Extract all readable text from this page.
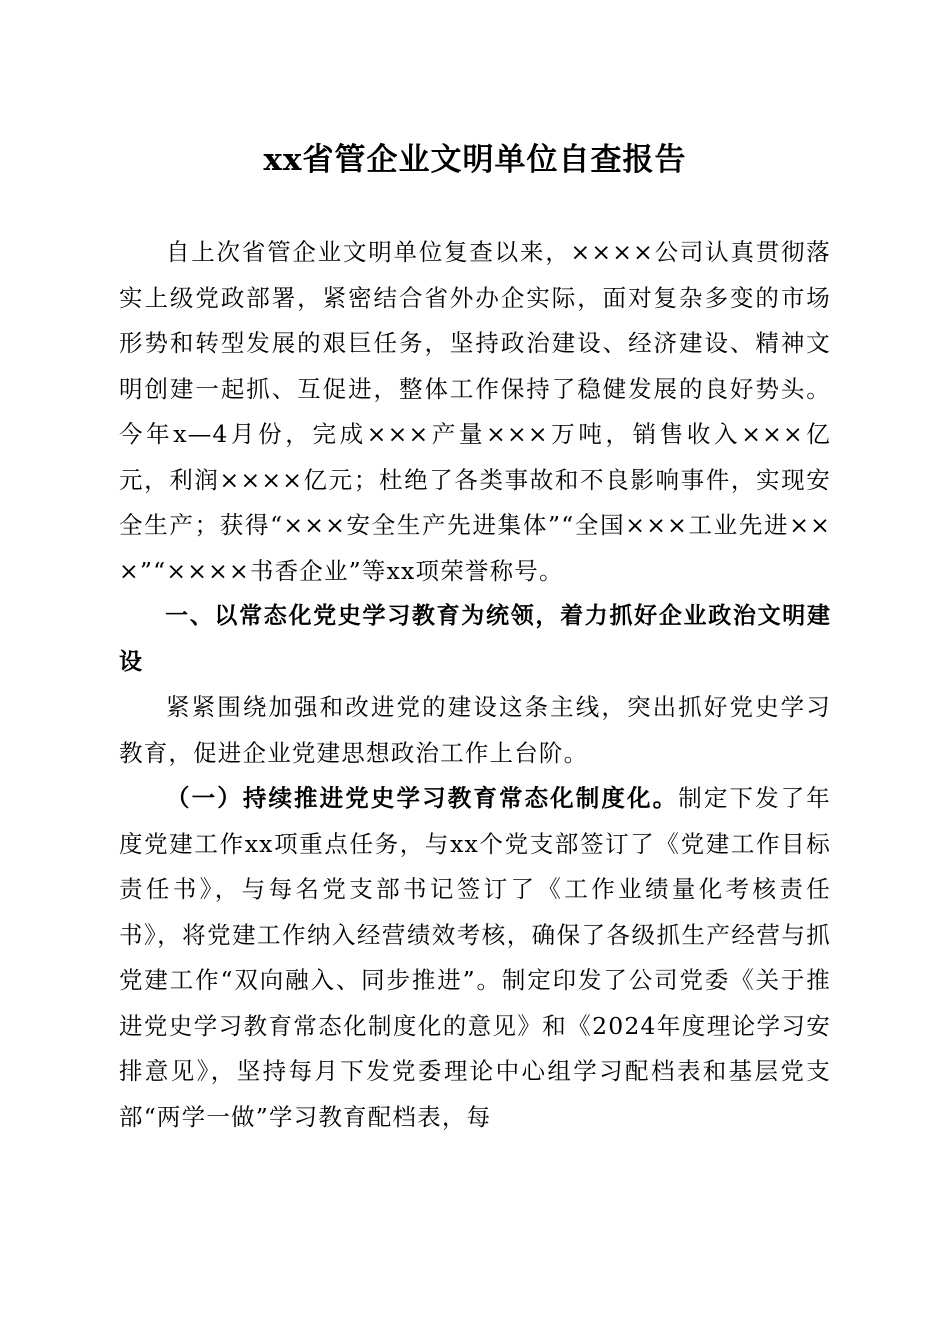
xx省管企业文明单位自查报告

自上次省管企业文明单位复查以来，××××公司认真贯彻落实上级党政部署，紧密结合省外办企实际，面对复杂多变的市场形势和转型发展的艰巨任务，坚持政治建设、经济建设、精神文明创建一起抓、互促进，整体工作保持了稳健发展的良好势头。今年x—4月份，完成×××产量×××万吨，销售收入×××亿元，利润××××亿元；杜绝了各类事故和不良影响事件，实现安全生产；获得“×××安全生产先进集体”“全国×××工业先进×××”“××××书香企业”等xx项荣誉称号。

一、以常态化党史学习教育为统领，着力抓好企业政治文明建设

紧紧围绕加强和改进党的建设这条主线，突出抓好党史学习教育，促进企业党建思想政治工作上台阶。

（一）持续推进党史学习教育常态化制度化。制定下发了年度党建工作xx项重点任务，与xx个党支部签订了《党建工作目标责任书》，与每名党支部书记签订了《工作业绩量化考核责任书》，将党建工作纳入经营绩效考核，确保了各级抓生产经营与抓党建工作“双向融入、同步推进”。制定印发了公司党委《关于推进党史学习教育常态化制度化的意见》和《2024年度理论学习安排意见》，坚持每月下发党委理论中心组学习配档表和基层党支部“两学一做”学习教育配档表，每
